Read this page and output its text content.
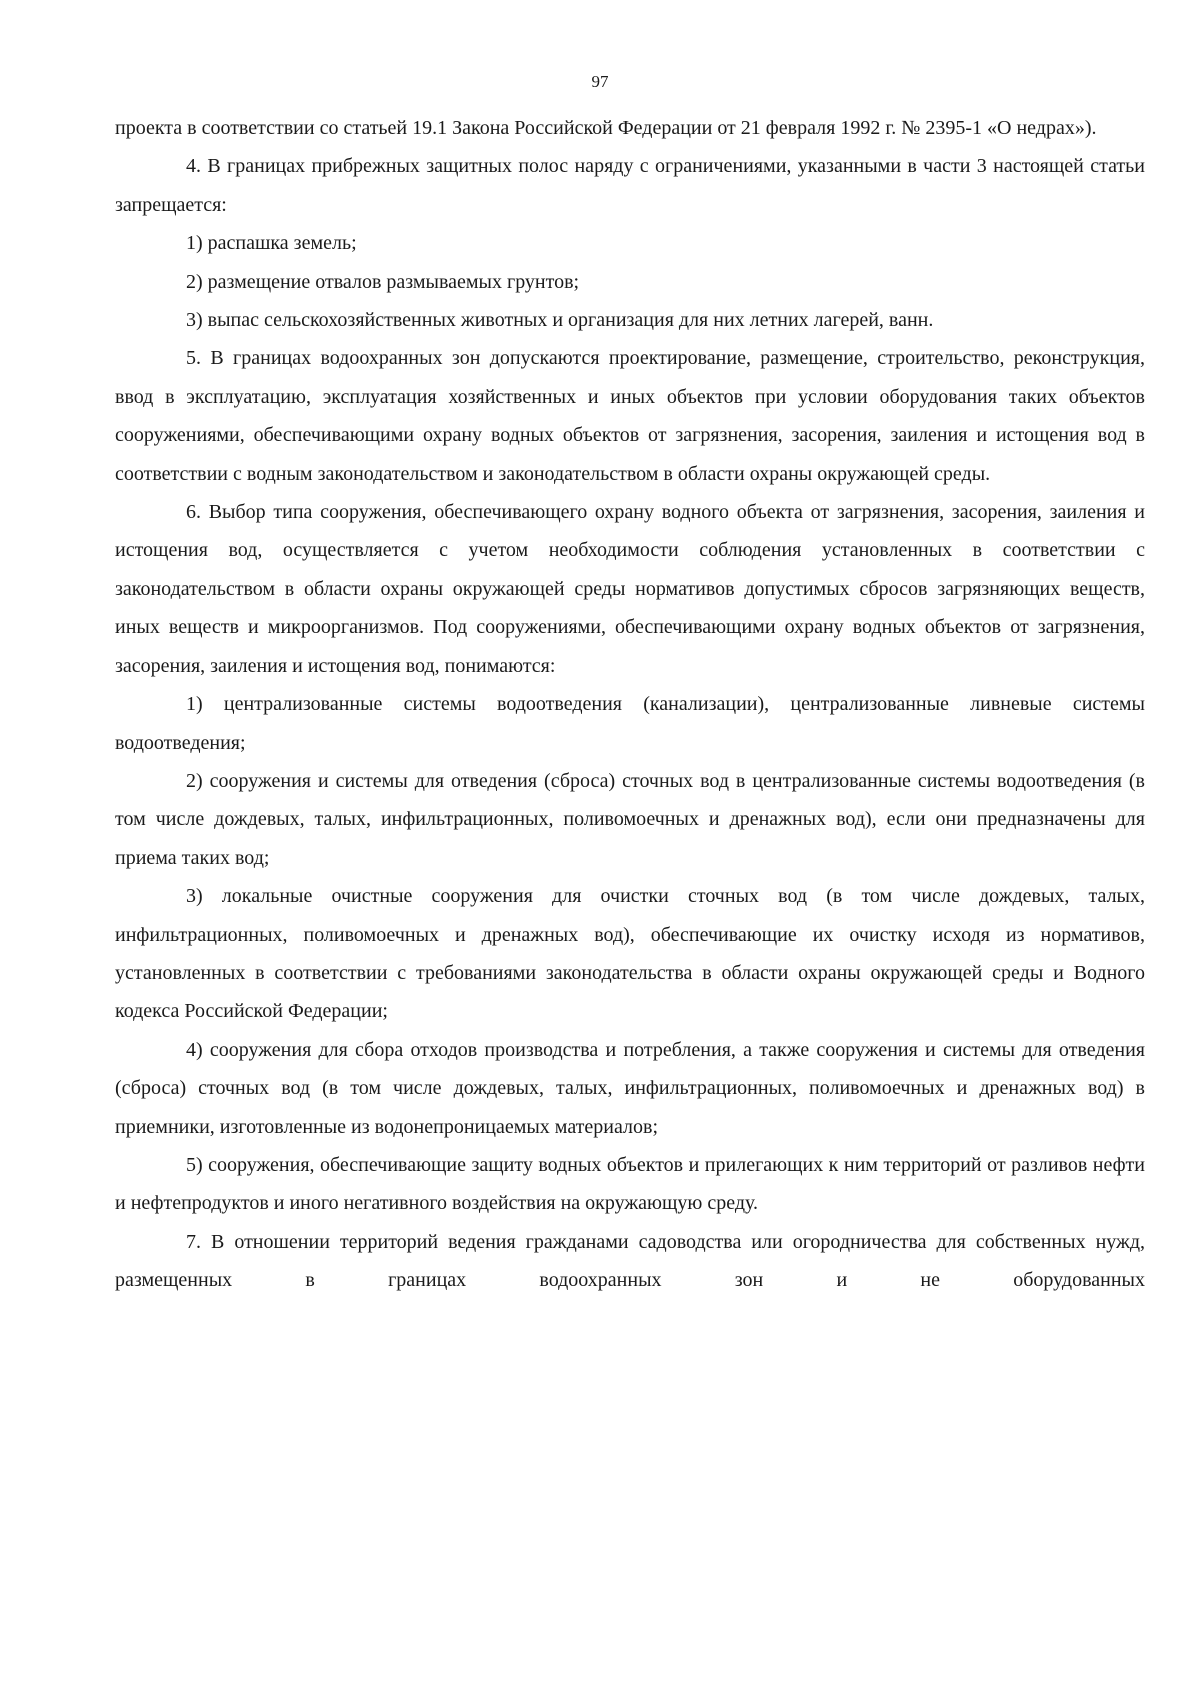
97

проекта в соответствии со статьей 19.1 Закона Российской Федерации от 21 февраля 1992 г. № 2395-1 «О недрах»).

4. В границах прибрежных защитных полос наряду с ограничениями, указанными в части 3 настоящей статьи запрещается:

1) распашка земель;

2) размещение отвалов размываемых грунтов;

3) выпас сельскохозяйственных животных и организация для них летних лагерей, ванн.

5. В границах водоохранных зон допускаются проектирование, размещение, строительство, реконструкция, ввод в эксплуатацию, эксплуатация хозяйственных и иных объектов при условии оборудования таких объектов сооружениями, обеспечивающими охрану водных объектов от загрязнения, засорения, заиления и истощения вод в соответствии с водным законодательством и законодательством в области охраны окружающей среды.

6. Выбор типа сооружения, обеспечивающего охрану водного объекта от загрязнения, засорения, заиления и истощения вод, осуществляется с учетом необходимости соблюдения установленных в соответствии с законодательством в области охраны окружающей среды нормативов допустимых сбросов загрязняющих веществ, иных веществ и микроорганизмов. Под сооружениями, обеспечивающими охрану водных объектов от загрязнения, засорения, заиления и истощения вод, понимаются:

1) централизованные системы водоотведения (канализации), централизованные ливневые системы водоотведения;

2) сооружения и системы для отведения (сброса) сточных вод в централизованные системы водоотведения (в том числе дождевых, талых, инфильтрационных, поливомоечных и дренажных вод), если они предназначены для приема таких вод;

3) локальные очистные сооружения для очистки сточных вод (в том числе дождевых, талых, инфильтрационных, поливомоечных и дренажных вод), обеспечивающие их очистку исходя из нормативов, установленных в соответствии с требованиями законодательства в области охраны окружающей среды и Водного кодекса Российской Федерации;

4) сооружения для сбора отходов производства и потребления, а также сооружения и системы для отведения (сброса) сточных вод (в том числе дождевых, талых, инфильтрационных, поливомоечных и дренажных вод) в приемники, изготовленные из водонепроницаемых материалов;

5) сооружения, обеспечивающие защиту водных объектов и прилегающих к ним территорий от разливов нефти и нефтепродуктов и иного негативного воздействия на окружающую среду.

7. В отношении территорий ведения гражданами садоводства или огородничества для собственных нужд, размещенных в границах водоохранных зон и не оборудованных
